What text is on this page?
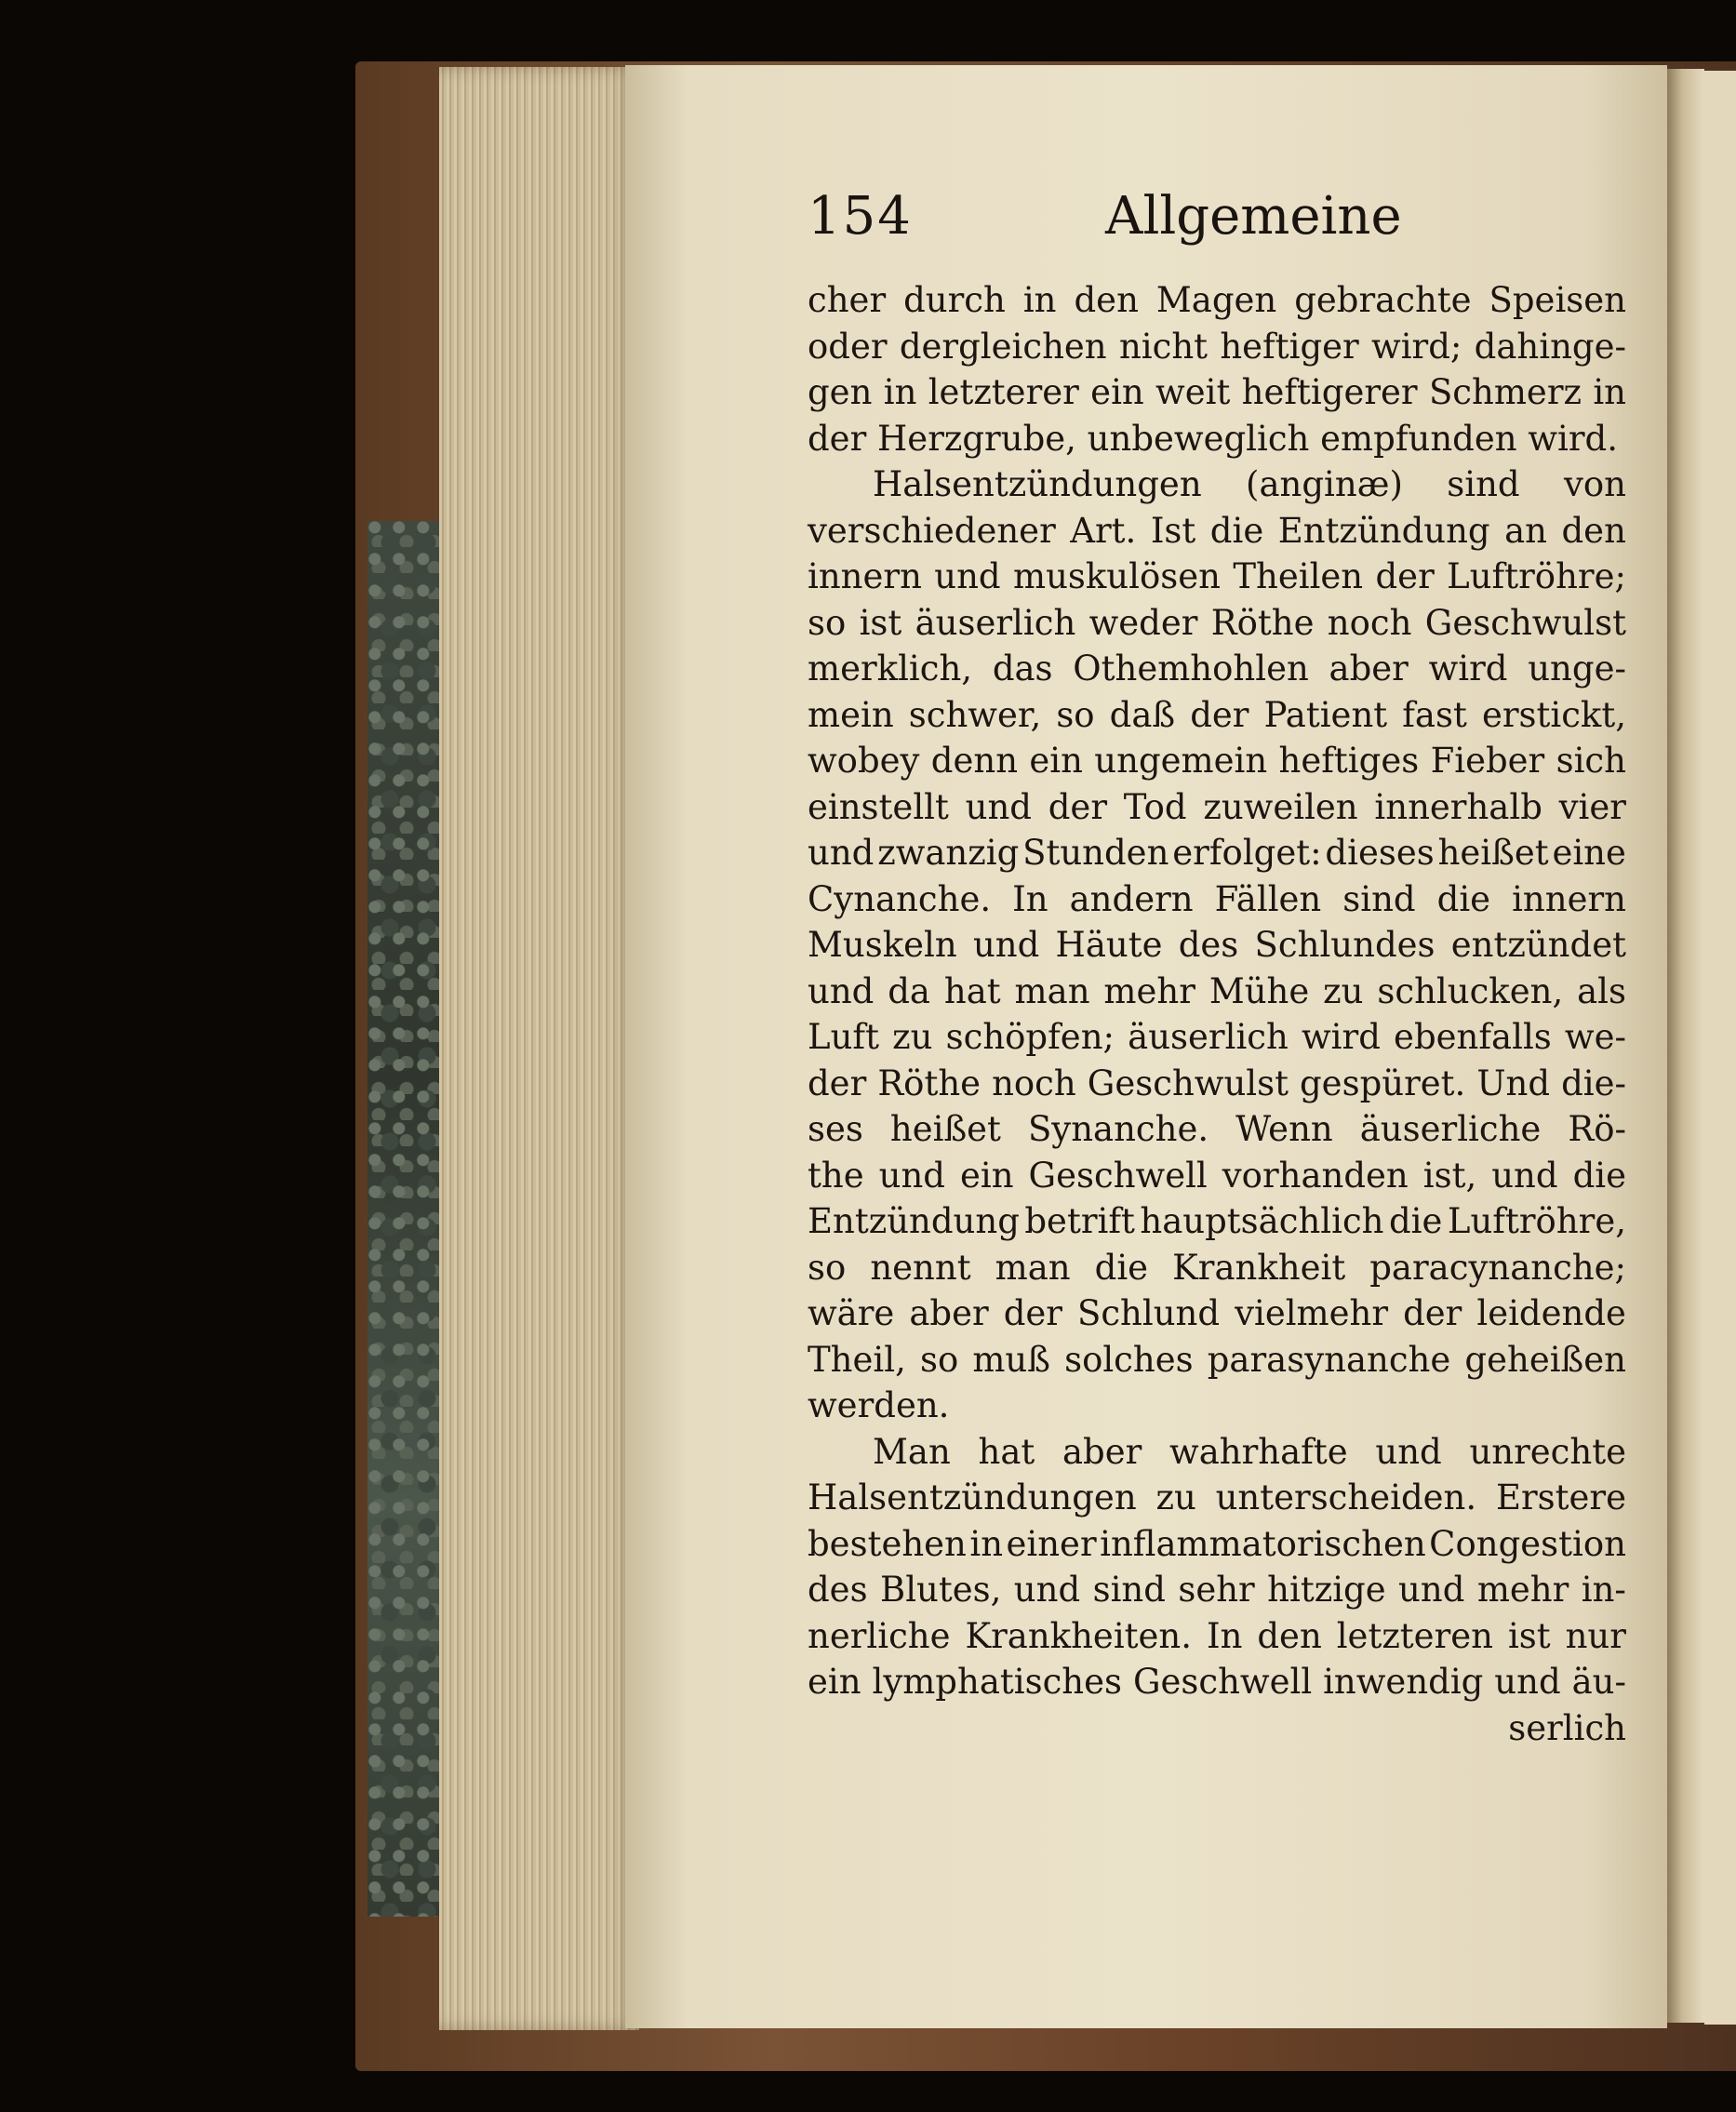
154	Allgemeine
cher durch in den Magen gebrachte Speisen
oder dergleichen nicht heftiger wird; dahinge-
gen in letzterer ein weit heftigerer Schmerz in
der Herzgrube, unbeweglich empfunden wird.
Halsentzündungen (anginæ) sind von
verschiedener Art. Ist die Entzündung an den
innern und muskulösen Theilen der Luftröhre;
so ist äuserlich weder Röthe noch Geschwulst
merklich, das Othemhohlen aber wird unge-
mein schwer, so daß der Patient fast erstickt,
wobey denn ein ungemein heftiges Fieber sich
einstellt und der Tod zuweilen innerhalb vier
und zwanzig Stunden erfolget: dieses heißet eine
Cynanche. In andern Fällen sind die innern
Muskeln und Häute des Schlundes entzündet
und da hat man mehr Mühe zu schlucken, als
Luft zu schöpfen; äuserlich wird ebenfalls we-
der Röthe noch Geschwulst gespüret. Und die-
ses heißet Synanche. Wenn äuserliche Rö-
the und ein Geschwell vorhanden ist, und die
Entzündung betrift hauptsächlich die Luftröhre,
so nennt man die Krankheit paracynanche;
wäre aber der Schlund vielmehr der leidende
Theil, so muß solches parasynanche geheißen
werden.
Man hat aber wahrhafte und unrechte
Halsentzündungen zu unterscheiden. Erstere
bestehen in einer inflammatorischen Congestion
des Blutes, und sind sehr hitzige und mehr in-
nerliche Krankheiten. In den letzteren ist nur
ein lymphatisches Geschwell inwendig und äu-
serlich
